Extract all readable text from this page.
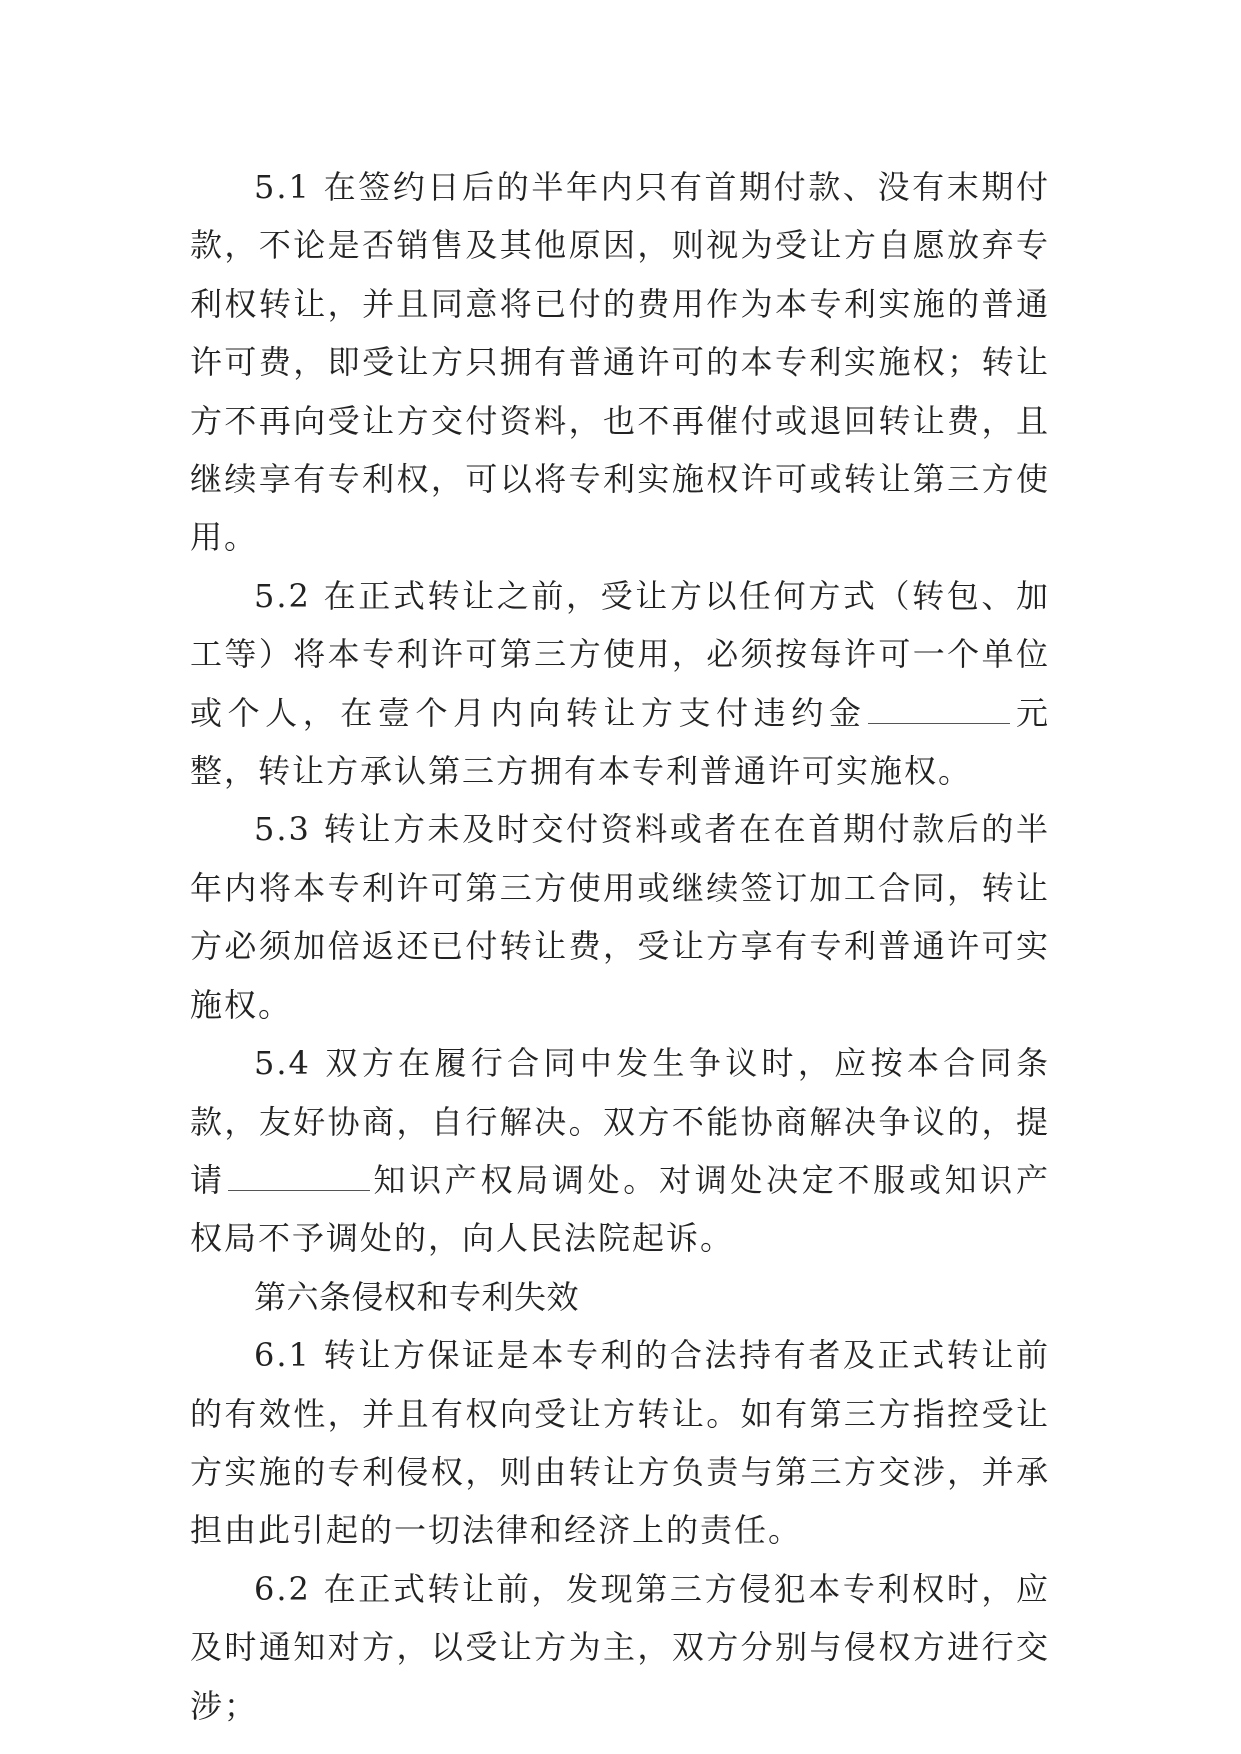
5.1 在签约日后的半年内只有首期付款、没有末期付款，不论是否销售及其他原因，则视为受让方自愿放弃专利权转让，并且同意将已付的费用作为本专利实施的普通许可费，即受让方只拥有普通许可的本专利实施权；转让方不再向受让方交付资料，也不再催付或退回转让费，且继续享有专利权，可以将专利实施权许可或转让第三方使用。

5.2 在正式转让之前，受让方以任何方式（转包、加工等）将本专利许可第三方使用，必须按每许可一个单位或个人，在壹个月内向转让方支付违约金	元整，转让方承认第三方拥有本专利普通许可实施权。

5.3 转让方未及时交付资料或者在在首期付款后的半年内将本专利许可第三方使用或继续签订加工合同，转让方必须加倍返还已付转让费，受让方享有专利普通许可实施权。

5.4 双方在履行合同中发生争议时，应按本合同条款，友好协商，自行解决。双方不能协商解决争议的，提请	知识产权局调处。对调处决定不服或知识产权局不予调处的，向人民法院起诉。

第六条侵权和专利失效

6.1 转让方保证是本专利的合法持有者及正式转让前的有效性，并且有权向受让方转让。如有第三方指控受让方实施的专利侵权，则由转让方负责与第三方交涉，并承担由此引起的一切法律和经济上的责任。

6.2 在正式转让前，发现第三方侵犯本专利权时，应及时通知对方，以受让方为主，双方分别与侵权方进行交涉；
